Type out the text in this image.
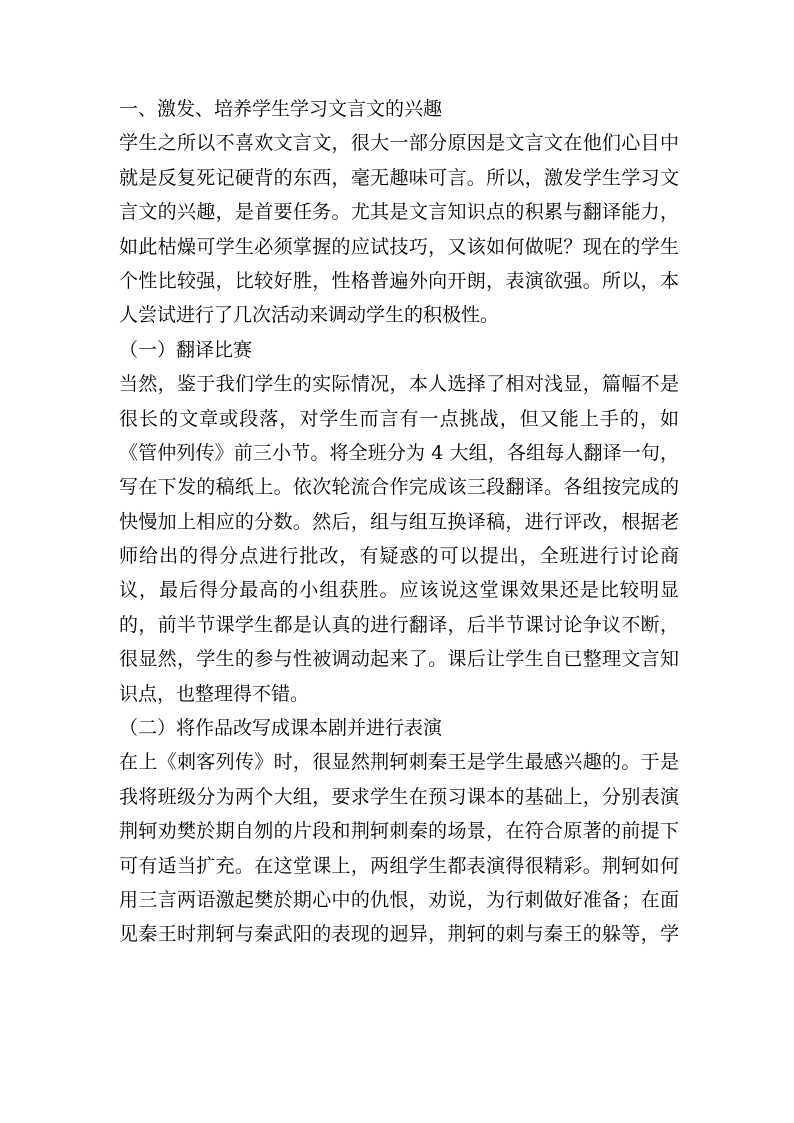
一、激发、培养学生学习文言文的兴趣
学生之所以不喜欢文言文，很大一部分原因是文言文在他们心目中
就是反复死记硬背的东西，毫无趣味可言。所以，激发学生学习文
言文的兴趣，是首要任务。尤其是文言知识点的积累与翻译能力，
如此枯燥可学生必须掌握的应试技巧，又该如何做呢？现在的学生
个性比较强，比较好胜，性格普遍外向开朗，表演欲强。所以，本
人尝试进行了几次活动来调动学生的积极性。
（一）翻译比赛
当然，鉴于我们学生的实际情况，本人选择了相对浅显，篇幅不是
很长的文章或段落，对学生而言有一点挑战，但又能上手的，如
《管仲列传》前三小节。将全班分为 4 大组，各组每人翻译一句，
写在下发的稿纸上。依次轮流合作完成该三段翻译。各组按完成的
快慢加上相应的分数。然后，组与组互换译稿，进行评改，根据老
师给出的得分点进行批改，有疑惑的可以提出，全班进行讨论商
议，最后得分最高的小组获胜。应该说这堂课效果还是比较明显
的，前半节课学生都是认真的进行翻译，后半节课讨论争议不断，
很显然，学生的参与性被调动起来了。课后让学生自已整理文言知
识点，也整理得不错。
（二）将作品改写成课本剧并进行表演
在上《刺客列传》时，很显然荆轲刺秦王是学生最感兴趣的。于是
我将班级分为两个大组，要求学生在预习课本的基础上，分别表演
荆轲劝樊於期自刎的片段和荆轲刺秦的场景，在符合原著的前提下
可有适当扩充。在这堂课上，两组学生都表演得很精彩。荆轲如何
用三言两语激起樊於期心中的仇恨，劝说，为行刺做好准备；在面
见秦王时荆轲与秦武阳的表现的迥异，荆轲的刺与秦王的躲等，学
